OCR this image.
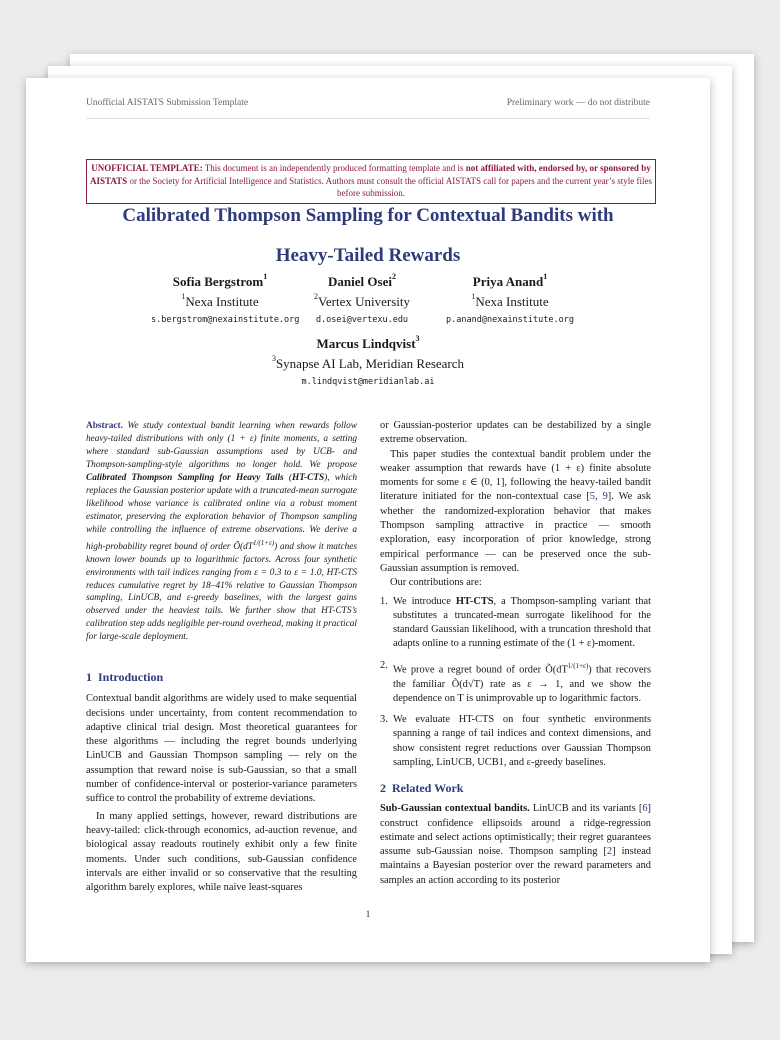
Unofficial AISTATS Submission Template	Preliminary work — do not distribute
UNOFFICIAL TEMPLATE: This document is an independently produced formatting template and is not affiliated with, endorsed by, or sponsored by AISTATS or the Society for Artificial Intelligence and Statistics. Authors must consult the official AISTATS call for papers and the current year’s style files before submission.
Calibrated Thompson Sampling for Contextual Bandits with
Heavy-Tailed Rewards
Sofia Bergstrom$^1$
$^1$Nexa Institute
s.bergstrom@nexainstitute.org
Daniel Osei$^2$
$^2$Vertex University
d.osei@vertexu.edu
Priya Anand$^1$
$^1$Nexa Institute
p.anand@nexainstitute.org
Marcus Lindqvist$^3$
$^3$Synapse AI Lab, Meridian Research
m.lindqvist@meridianlab.ai

Abstract. We study contextual bandit learning when rewards follow heavy-tailed distributions with only (1 + ε) finite moments, a setting where standard sub-Gaussian assumptions used by UCB- and Thompson-sampling-style algorithms no longer hold. We propose Calibrated Thompson Sampling for Heavy Tails (HT-CTS), which replaces the Gaussian posterior update with a truncated-mean surrogate likelihood whose variance is calibrated online via a robust moment estimator, preserving the exploration behavior of Thompson sampling while controlling the influence of extreme observations. We derive a high-probability regret bound of order $Õ(dT^{1/(1+\varepsilon)})$ and show it matches known lower bounds up to logarithmic factors. Across four synthetic environments with tail indices ranging from ε = 0.3 to ε = 1.0, HT-CTS reduces cumulative regret by 18–41% relative to Gaussian Thompson sampling, LinUCB, and ε-greedy baselines, with the largest gains observed under the heaviest tails. We further show that HT-CTS’s calibration step adds negligible per-round overhead, making it practical for large-scale deployment.

1 Introduction

Contextual bandit algorithms are widely used to make sequential decisions under uncertainty, from content recommendation to adaptive clinical trial design. Most theoretical guarantees for these algorithms — including the regret bounds underlying LinUCB and Gaussian Thompson sampling — rely on the assumption that reward noise is sub-Gaussian, so that a small number of confidence-interval or posterior-variance parameters suffice to control the probability of extreme deviations.

In many applied settings, however, reward distributions are heavy-tailed: click-through economics, ad-auction revenue, and biological assay readouts routinely exhibit only a few finite moments. Under such conditions, sub-Gaussian confidence intervals are either invalid or so conservative that the resulting algorithm barely explores, while naive least-squares

or Gaussian-posterior updates can be destabilized by a single extreme observation.

This paper studies the contextual bandit problem under the weaker assumption that rewards have (1 + ε) finite absolute moments for some ε ∈ (0, 1], following the heavy-tailed bandit literature initiated for the non-contextual case [5, 9]. We ask whether the randomized-exploration behavior that makes Thompson sampling attractive in practice — smooth exploration, easy incorporation of prior knowledge, strong empirical performance — can be preserved once the sub-Gaussian assumption is removed.

Our contributions are:

1. We introduce HT-CTS, a Thompson-sampling variant that substitutes a truncated-mean surrogate likelihood for the standard Gaussian likelihood, with a truncation threshold that adapts online to a running estimate of the (1 + ε)-moment.
2. We prove a regret bound of order $Õ(dT^{1/(1+\varepsilon)})$ that recovers the familiar Õ(d√T) rate as ε → 1, and we show the dependence on T is unimprovable up to logarithmic factors.
3. We evaluate HT-CTS on four synthetic environments spanning a range of tail indices and context dimensions, and show consistent regret reductions over Gaussian Thompson sampling, LinUCB, UCB1, and ε-greedy baselines.
2 Related Work

Sub-Gaussian contextual bandits. LinUCB and its variants [6] construct confidence ellipsoids around a ridge-regression estimate and select actions optimistically; their regret guarantees assume sub-Gaussian noise. Thompson sampling [2] instead maintains a Bayesian posterior over the reward parameters and samples an action according to its posterior

1
